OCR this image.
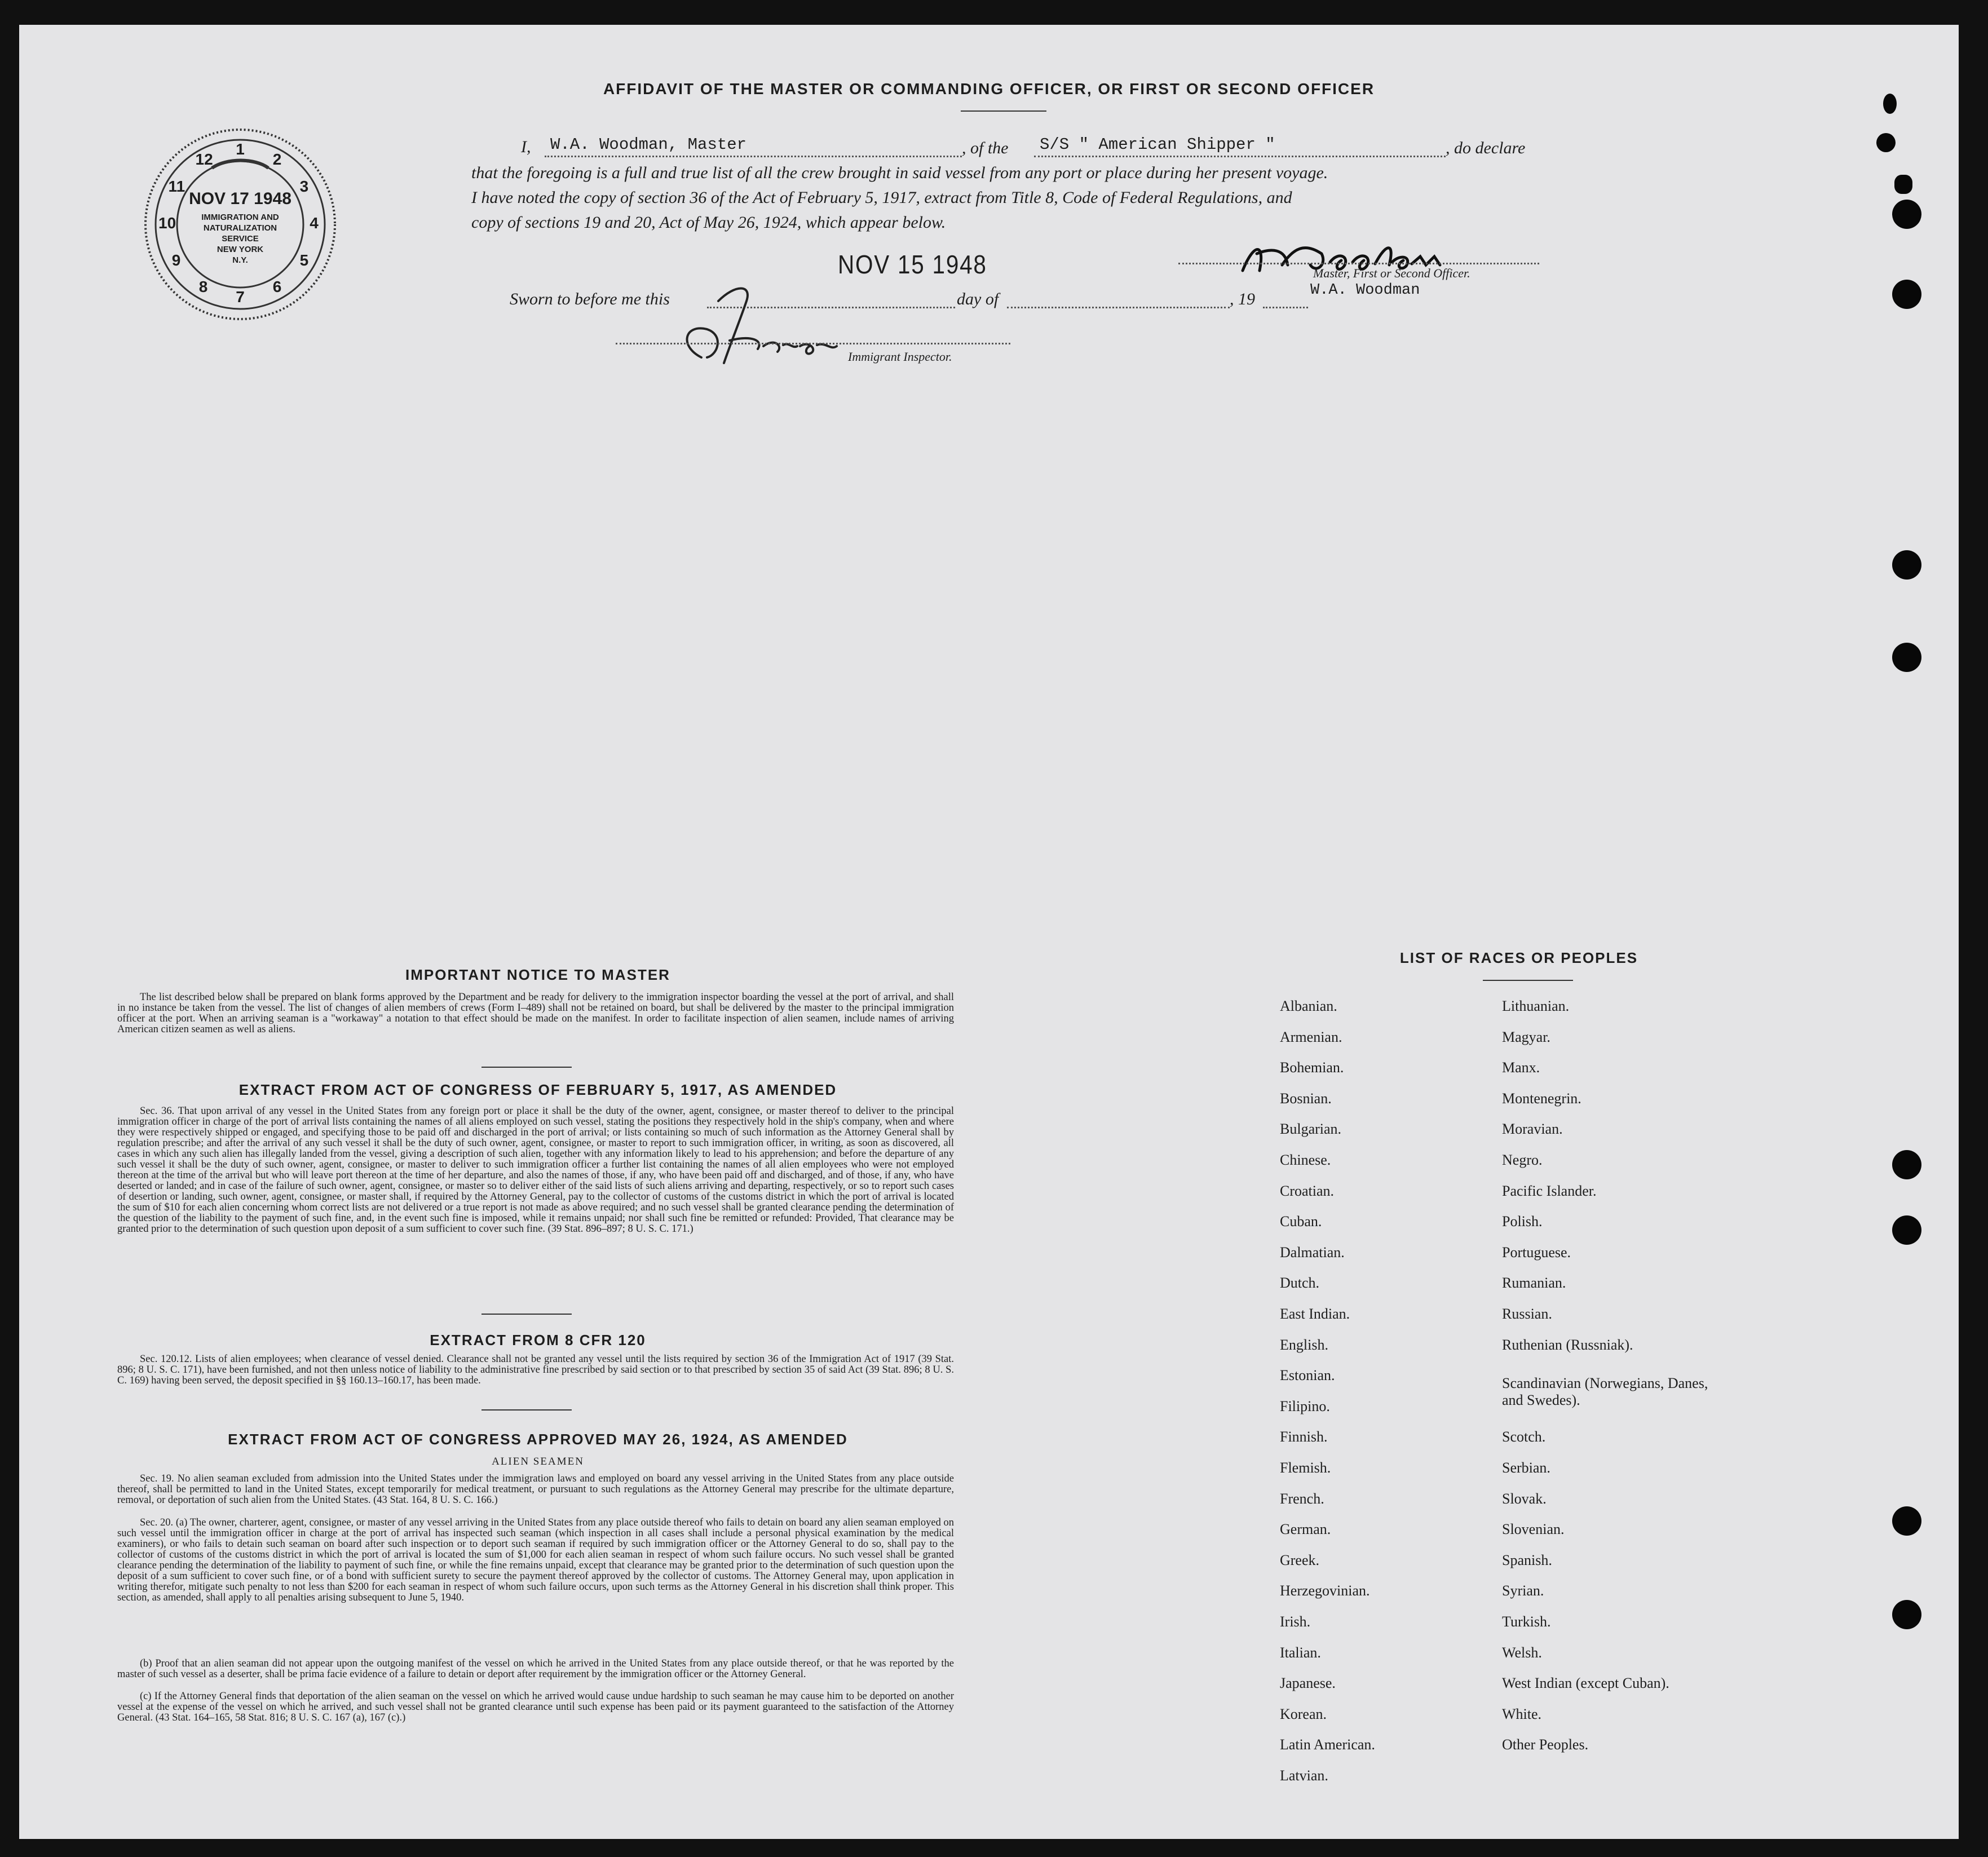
AFFIDAVIT OF THE MASTER OR COMMANDING OFFICER, OR FIRST OR SECOND OFFICER
I, W.A. Woodman, Master	, of the S/S " American Shipper "	, do declare
that the foregoing is a full and true list of all the crew brought in said vessel from any port or place during her present voyage.
I have noted the copy of section 36 of the Act of February 5, 1917, extract from Title 8, Code of Federal Regulations, and
copy of sections 19 and 20, Act of May 26, 1924, which appear below.
NOV 15 1948	Master, First or Second Officer.
W.A. Woodman
Sworn to before me this	day of	, 19
Immigrant Inspector.
1
2
3
4
5
6
7
8
9
10
11
12
NOV 17 1948
IMMIGRATION AND
NATURALIZATION
SERVICE
NEW YORK
N.Y.
IMPORTANT NOTICE TO MASTER
The list described below shall be prepared on blank forms approved by the Department and be ready for delivery to the immigration inspector boarding the vessel at the port of arrival, and shall in no instance be taken from the vessel. The list of changes of alien members of crews (Form I–489) shall not be retained on board, but shall be delivered by the master to the principal immigration officer at the port. When an arriving seaman is a "workaway" a notation to that effect should be made on the manifest. In order to facilitate inspection of alien seamen, include names of arriving American citizen seamen as well as aliens.
EXTRACT FROM ACT OF CONGRESS OF FEBRUARY 5, 1917, AS AMENDED
Sec. 36. That upon arrival of any vessel in the United States from any foreign port or place it shall be the duty of the owner, agent, consignee, or master thereof to deliver to the principal immigration officer in charge of the port of arrival lists containing the names of all aliens employed on such vessel, stating the positions they respectively hold in the ship's company, when and where they were respectively shipped or engaged, and specifying those to be paid off and discharged in the port of arrival; or lists containing so much of such information as the Attorney General shall by regulation prescribe; and after the arrival of any such vessel it shall be the duty of such owner, agent, consignee, or master to report to such immigration officer, in writing, as soon as discovered, all cases in which any such alien has illegally landed from the vessel, giving a description of such alien, together with any information likely to lead to his apprehension; and before the departure of any such vessel it shall be the duty of such owner, agent, consignee, or master to deliver to such immigration officer a further list containing the names of all alien employees who were not employed thereon at the time of the arrival but who will leave port thereon at the time of her departure, and also the names of those, if any, who have been paid off and discharged, and of those, if any, who have deserted or landed; and in case of the failure of such owner, agent, consignee, or master so to deliver either of the said lists of such aliens arriving and departing, respectively, or so to report such cases of desertion or landing, such owner, agent, consignee, or master shall, if required by the Attorney General, pay to the collector of customs of the customs district in which the port of arrival is located the sum of $10 for each alien concerning whom correct lists are not delivered or a true report is not made as above required; and no such vessel shall be granted clearance pending the determination of the question of the liability to the payment of such fine, and, in the event such fine is imposed, while it remains unpaid; nor shall such fine be remitted or refunded: Provided, That clearance may be granted prior to the determination of such question upon deposit of a sum sufficient to cover such fine. (39 Stat. 896–897; 8 U. S. C. 171.)
EXTRACT FROM 8 CFR 120
Sec. 120.12. Lists of alien employees; when clearance of vessel denied. Clearance shall not be granted any vessel until the lists required by section 36 of the Immigration Act of 1917 (39 Stat. 896; 8 U. S. C. 171), have been furnished, and not then unless notice of liability to the administrative fine prescribed by said section or to that prescribed by section 35 of said Act (39 Stat. 896; 8 U. S. C. 169) having been served, the deposit specified in §§ 160.13–160.17, has been made.
EXTRACT FROM ACT OF CONGRESS APPROVED MAY 26, 1924, AS AMENDED
ALIEN SEAMEN
Sec. 19. No alien seaman excluded from admission into the United States under the immigration laws and employed on board any vessel arriving in the United States from any place outside thereof, shall be permitted to land in the United States, except temporarily for medical treatment, or pursuant to such regulations as the Attorney General may prescribe for the ultimate departure, removal, or deportation of such alien from the United States. (43 Stat. 164, 8 U. S. C. 166.)
Sec. 20. (a) The owner, charterer, agent, consignee, or master of any vessel arriving in the United States from any place outside thereof who fails to detain on board any alien seaman employed on such vessel until the immigration officer in charge at the port of arrival has inspected such seaman (which inspection in all cases shall include a personal physical examination by the medical examiners), or who fails to detain such seaman on board after such inspection or to deport such seaman if required by such immigration officer or the Attorney General to do so, shall pay to the collector of customs of the customs district in which the port of arrival is located the sum of $1,000 for each alien seaman in respect of whom such failure occurs. No such vessel shall be granted clearance pending the determination of the liability to payment of such fine, or while the fine remains unpaid, except that clearance may be granted prior to the determination of such question upon the deposit of a sum sufficient to cover such fine, or of a bond with sufficient surety to secure the payment thereof approved by the collector of customs. The Attorney General may, upon application in writing therefor, mitigate such penalty to not less than $200 for each seaman in respect of whom such failure occurs, upon such terms as the Attorney General in his discretion shall think proper. This section, as amended, shall apply to all penalties arising subsequent to June 5, 1940.
(b) Proof that an alien seaman did not appear upon the outgoing manifest of the vessel on which he arrived in the United States from any place outside thereof, or that he was reported by the master of such vessel as a deserter, shall be prima facie evidence of a failure to detain or deport after requirement by the immigration officer or the Attorney General.
(c) If the Attorney General finds that deportation of the alien seaman on the vessel on which he arrived would cause undue hardship to such seaman he may cause him to be deported on another vessel at the expense of the vessel on which he arrived, and such vessel shall not be granted clearance until such expense has been paid or its payment guaranteed to the satisfaction of the Attorney General. (43 Stat. 164–165, 58 Stat. 816; 8 U. S. C. 167 (a), 167 (c).)
LIST OF RACES OR PEOPLES
Albanian.
Armenian.
Bohemian.
Bosnian.
Bulgarian.
Chinese.
Croatian.
Cuban.
Dalmatian.
Dutch.
East Indian.
English.
Estonian.
Filipino.
Finnish.
Flemish.
French.
German.
Greek.
Herzegovinian.
Irish.
Italian.
Japanese.
Korean.
Latin American.
Latvian.
Lithuanian.
Magyar.
Manx.
Montenegrin.
Moravian.
Negro.
Pacific Islander.
Polish.
Portuguese.
Rumanian.
Russian.
Ruthenian (Russniak).
Scandinavian (Norwegians, Danes, and Swedes).
Scotch.
Serbian.
Slovak.
Slovenian.
Spanish.
Syrian.
Turkish.
Welsh.
West Indian (except Cuban).
White.
Other Peoples.
